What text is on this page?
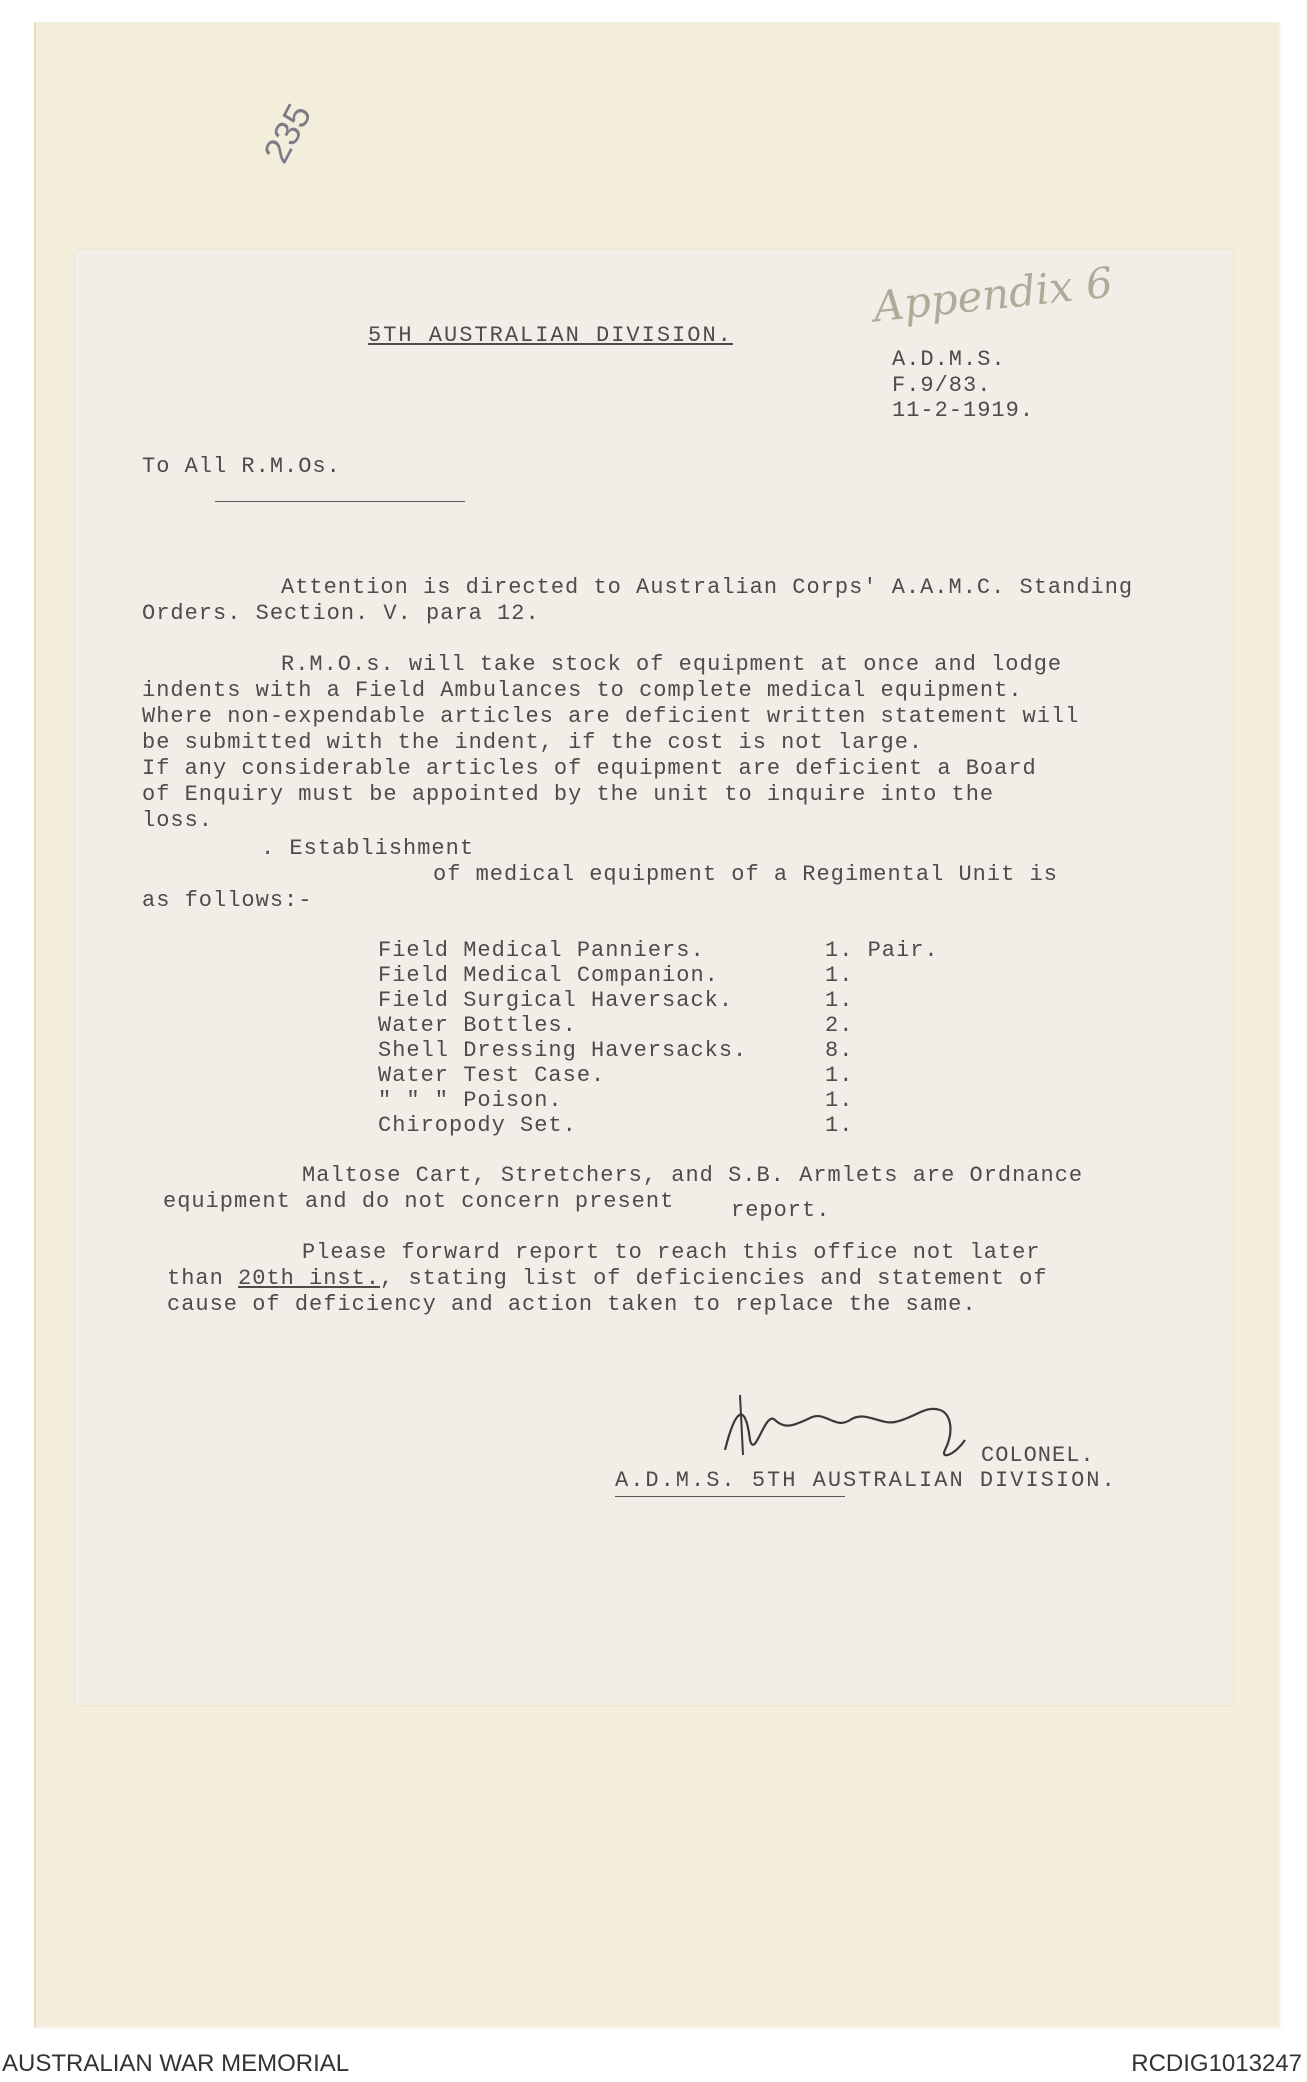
235
Appendix 6
5TH AUSTRALIAN DIVISION.
A.D.M.S.
F.9/83.
11-2-1919.
To All R.M.Os.
Attention is directed to Australian Corps' A.A.M.C. Standing
Orders. Section. V. para 12.
R.M.O.s. will take stock of equipment at once and lodge
indents with a Field Ambulances to complete medical equipment.
Where non-expendable articles are deficient written statement will
be submitted with the indent, if the cost is not large.
If any considerable articles of equipment are deficient a Board
of Enquiry must be appointed by the unit to inquire into the
loss.
. Establishment
of medical equipment of a Regimental Unit is
as follows:-
Field Medical Panniers.	1. Pair.
Field Medical Companion.	1.
Field Surgical Haversack.	1.
Water Bottles.	2.
Shell Dressing Haversacks.	8.
Water Test Case.	1.
" " " Poison.	1.
Chiropody Set.	1.
Maltose Cart, Stretchers, and S.B. Armlets are Ordnance
equipment and do not concern present	report.
Please forward report to reach this office not later
than 20th inst., stating list of deficiencies and statement of
cause of deficiency and action taken to replace the same.
COLONEL.
A.D.M.S. 5TH AUSTRALIAN DIVISION.
AUSTRALIAN WAR MEMORIAL	RCDIG1013247
